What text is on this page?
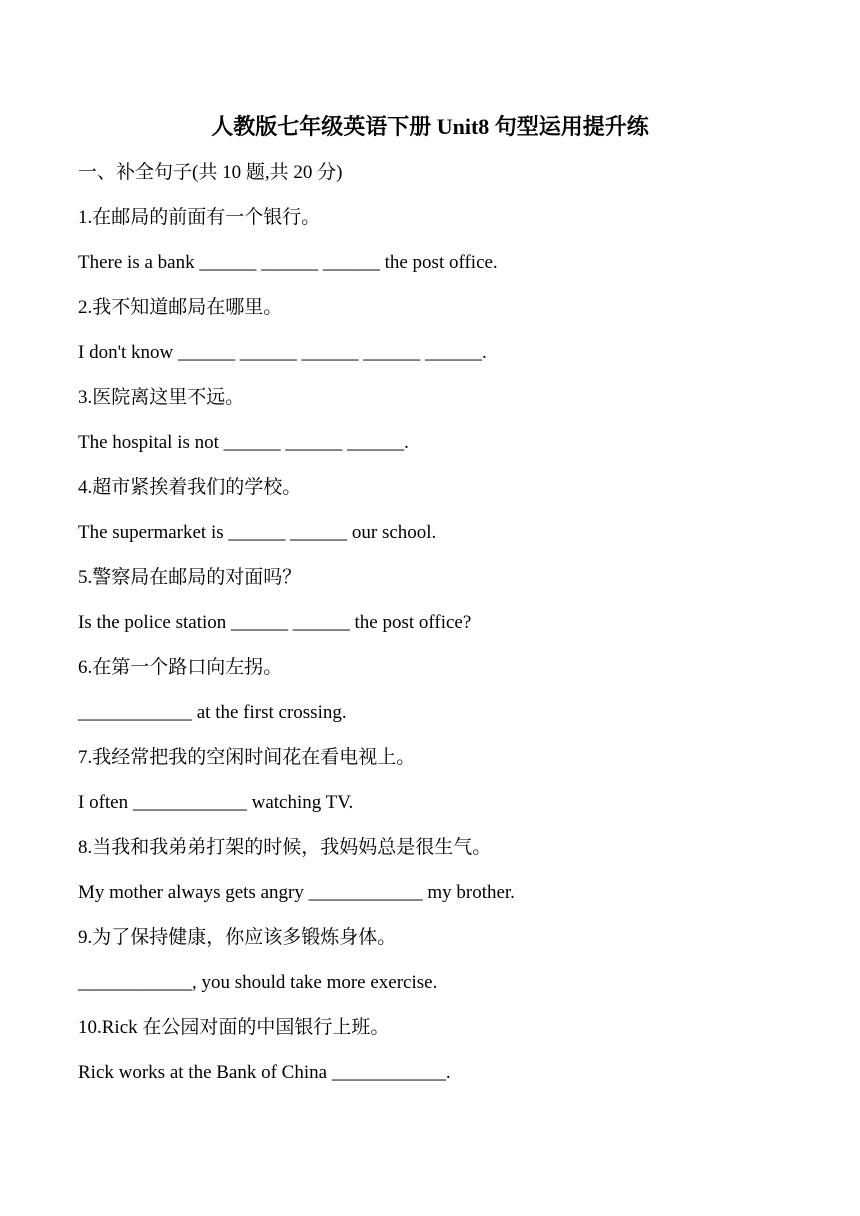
人教版七年级英语下册 Unit8 句型运用提升练
一、补全句子(共 10 题,共 20 分)
1.在邮局的前面有一个银行。
There is a bank ______ ______ ______ the post office.
2.我不知道邮局在哪里。
I don't know ______ ______ ______ ______ ______.
3.医院离这里不远。
The hospital is not ______ ______ ______.
4.超市紧挨着我们的学校。
The supermarket is ______ ______ our school.
5.警察局在邮局的对面吗？
Is the police station ______ ______ the post office?
6.在第一个路口向左拐。
____________ at the first crossing.
7.我经常把我的空闲时间花在看电视上。
I often ____________ watching TV.
8.当我和我弟弟打架的时候，我妈妈总是很生气。
My mother always gets angry ____________ my brother.
9.为了保持健康，你应该多锻炼身体。
____________, you should take more exercise.
10.Rick 在公园对面的中国银行上班。
Rick works at the Bank of China ____________.
